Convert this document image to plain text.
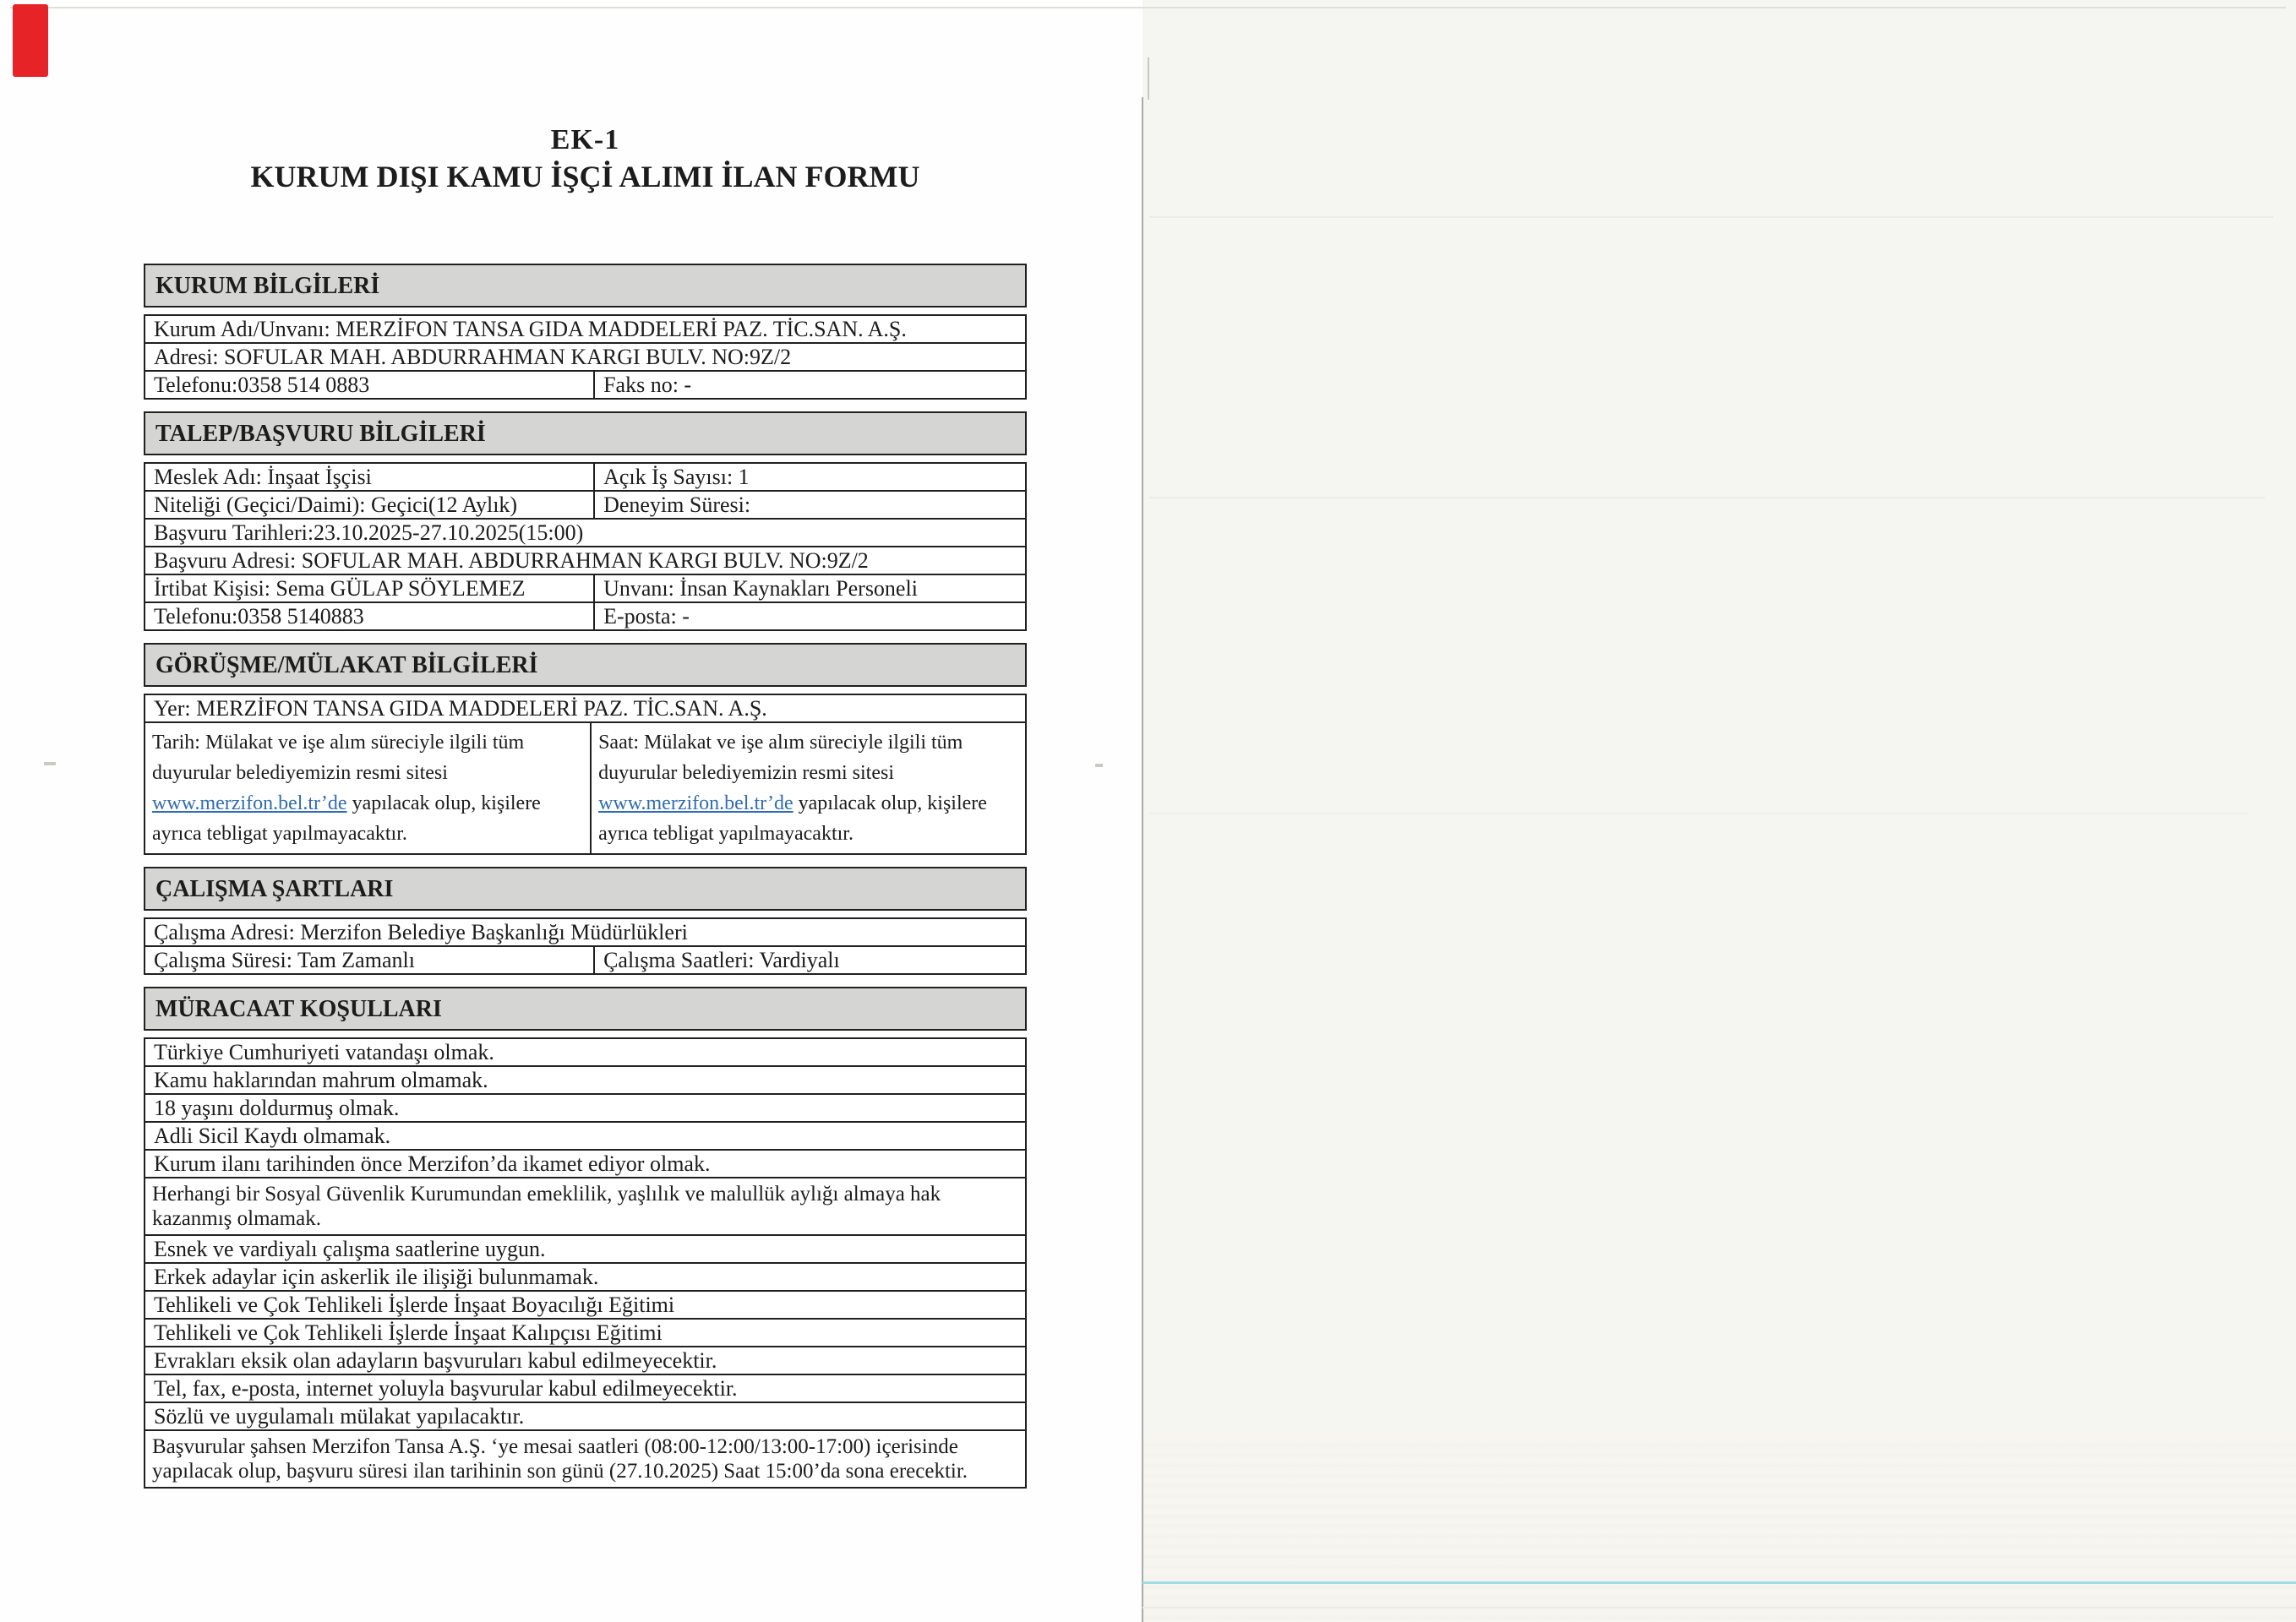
EK-1
KURUM DIŞI KAMU İŞÇİ ALIMI İLAN FORMU
KURUM BİLGİLERİ
Kurum Adı/Unvanı: MERZİFON TANSA GIDA MADDELERİ PAZ. TİC.SAN. A.Ş.
Adresi: SOFULAR MAH. ABDURRAHMAN KARGI BULV. NO:9Z/2
Telefonu:0358 514 0883	Faks no: -
TALEP/BAŞVURU BİLGİLERİ
Meslek Adı: İnşaat İşçisi	Açık İş Sayısı: 1
Niteliği (Geçici/Daimi): Geçici(12 Aylık)	Deneyim Süresi:
Başvuru Tarihleri:23.10.2025-27.10.2025(15:00)
Başvuru Adresi: SOFULAR MAH. ABDURRAHMAN KARGI BULV. NO:9Z/2
İrtibat Kişisi: Sema GÜLAP SÖYLEMEZ	Unvanı: İnsan Kaynakları Personeli
Telefonu:0358 5140883	E-posta: -
GÖRÜŞME/MÜLAKAT BİLGİLERİ
Yer: MERZİFON TANSA GIDA MADDELERİ PAZ. TİC.SAN. A.Ş.
Tarih: Mülakat ve işe alım süreciyle ilgili tüm duyurular belediyemizin resmi sitesi www.merzifon.bel.tr’de yapılacak olup, kişilere ayrıca tebligat yapılmayacaktır.
Saat: Mülakat ve işe alım süreciyle ilgili tüm duyurular belediyemizin resmi sitesi www.merzifon.bel.tr’de yapılacak olup, kişilere ayrıca tebligat yapılmayacaktır.
ÇALIŞMA ŞARTLARI
Çalışma Adresi: Merzifon Belediye Başkanlığı Müdürlükleri
Çalışma Süresi: Tam Zamanlı	Çalışma Saatleri: Vardiyalı
MÜRACAAT KOŞULLARI
Türkiye Cumhuriyeti vatandaşı olmak.
Kamu haklarından mahrum olmamak.
18 yaşını doldurmuş olmak.
Adli Sicil Kaydı olmamak.
Kurum ilanı tarihinden önce Merzifon’da ikamet ediyor olmak.
Herhangi bir Sosyal Güvenlik Kurumundan emeklilik, yaşlılık ve malullük aylığı almaya hak kazanmış olmamak.
Esnek ve vardiyalı çalışma saatlerine uygun.
Erkek adaylar için askerlik ile ilişiği bulunmamak.
Tehlikeli ve Çok Tehlikeli İşlerde İnşaat Boyacılığı Eğitimi
Tehlikeli ve Çok Tehlikeli İşlerde İnşaat Kalıpçısı Eğitimi
Evrakları eksik olan adayların başvuruları kabul edilmeyecektir.
Tel, fax, e-posta, internet yoluyla başvurular kabul edilmeyecektir.
Sözlü ve uygulamalı mülakat yapılacaktır.
Başvurular şahsen Merzifon Tansa A.Ş. ‘ye mesai saatleri (08:00-12:00/13:00-17:00) içerisinde yapılacak olup, başvuru süresi ilan tarihinin son günü (27.10.2025) Saat 15:00’da sona erecektir.
